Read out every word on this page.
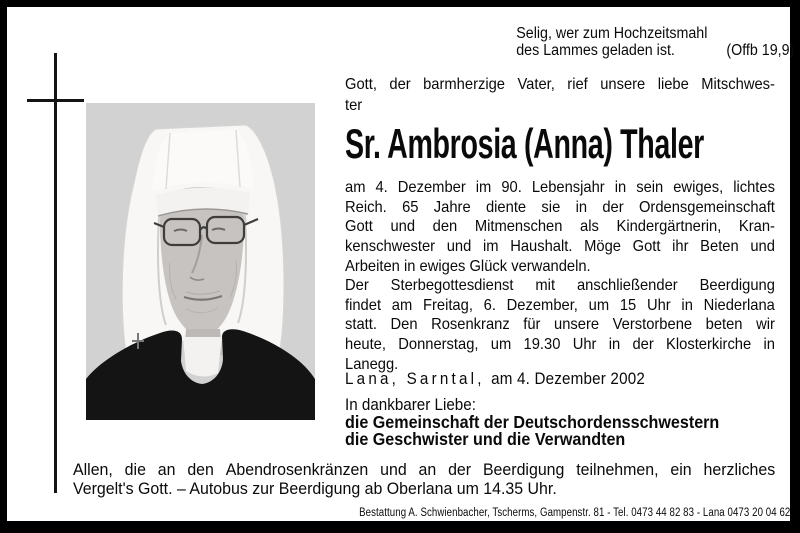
Selig, wer zum Hochzeitsmahl
des Lammes geladen ist.	(Offb 19,9)
Gott, der barmherzige Vater, rief unsere liebe Mitschwes-
ter
Sr. Ambrosia (Anna) Thaler
am 4. Dezember im 90. Lebensjahr in sein ewiges, lichtes
Reich. 65 Jahre diente sie in der Ordensgemeinschaft
Gott und den Mitmenschen als Kindergärtnerin, Kran-
kenschwester und im Haushalt. Möge Gott ihr Beten und
Arbeiten in ewiges Glück verwandeln.
Der Sterbegottesdienst mit anschließender Beerdigung
findet am Freitag, 6. Dezember, um 15 Uhr in Niederlana
statt. Den Rosenkranz für unsere Verstorbene beten wir
heute, Donnerstag, um 19.30 Uhr in der Klosterkirche in
Lanegg.
Lana, Sarntal, am 4. Dezember 2002
In dankbarer Liebe:
die Gemeinschaft der Deutschordensschwestern
die Geschwister und die Verwandten
Allen, die an den Abendrosenkränzen und an der Beerdigung teilnehmen, ein herzliches
Vergelt's Gott. – Autobus zur Beerdigung ab Oberlana um 14.35 Uhr.
Bestattung A. Schwienbacher, Tscherms, Gampenstr. 81 - Tel. 0473 44 82 83 - Lana 0473 20 04 62
